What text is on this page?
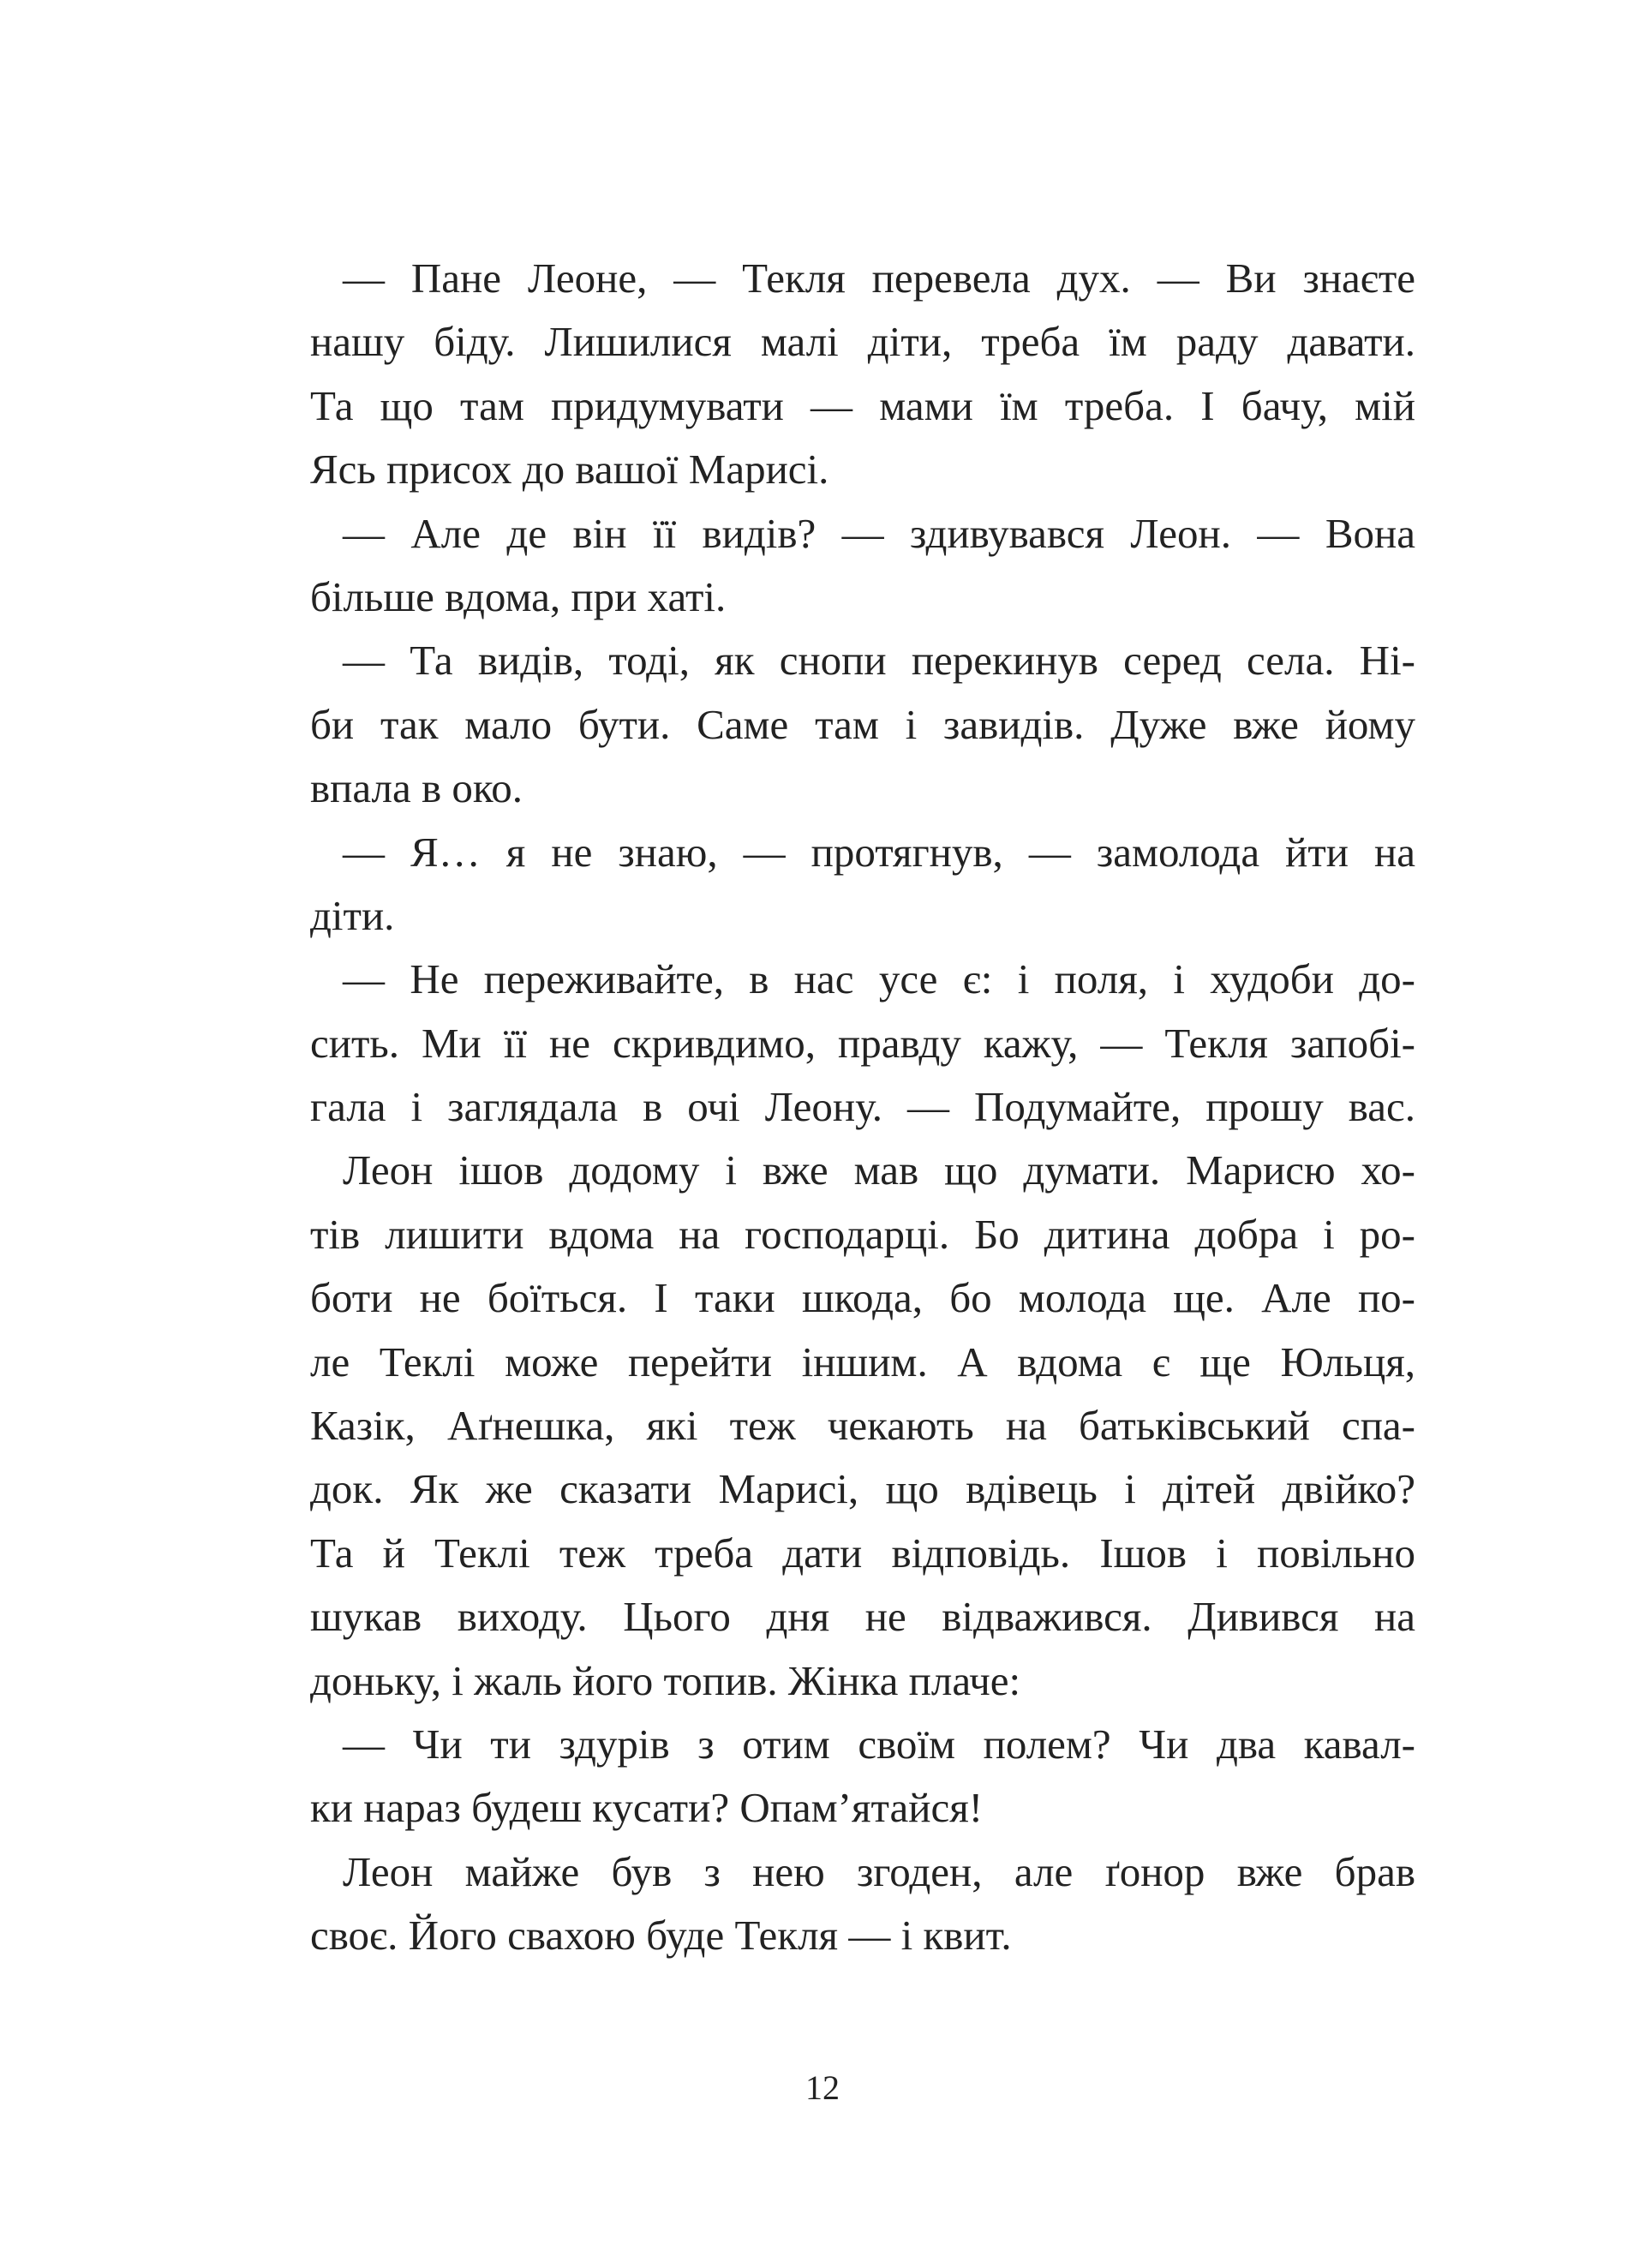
— Пане Леоне, — Текля перевела дух. — Ви знаєте
нашу біду. Лишилися малі діти, треба їм раду давати.
Та що там придумувати — мами їм треба. І бачу, мій
Ясь присох до вашої Марисі.
— Але де він її видів? — здивувався Леон. — Вона
більше вдома, при хаті.
— Та видів, тоді, як снопи перекинув серед села. Ні-
би так мало бути. Саме там і завидів. Дуже вже йому
впала в око.
— Я… я не знаю, — протягнув, — замолода йти на
діти.
— Не переживайте, в нас усе є: і поля, і худоби до-
сить. Ми її не скривдимо, правду кажу, — Текля запобі-
гала і заглядала в очі Леону. — Подумайте, прошу вас.
Леон ішов додому і вже мав що думати. Марисю хо-
тів лишити вдома на господарці. Бо дитина добра і ро-
боти не боїться. І таки шкода, бо молода ще. Але по-
ле Теклі може перейти іншим. А вдома є ще Юльця,
Казік, Аґнешка, які теж чекають на батьківський спа-
док. Як же сказати Марисі, що вдівець і дітей двійко?
Та й Теклі теж треба дати відповідь. Ішов і повільно
шукав виходу. Цього дня не відважився. Дивився на
доньку, і жаль його топив. Жінка плаче:
— Чи ти здурів з отим своїм полем? Чи два кавал-
ки нараз будеш кусати? Опам’ятайся!
Леон майже був з нею згоден, але ґонор вже брав
своє. Його свахою буде Текля — і квит.
12
